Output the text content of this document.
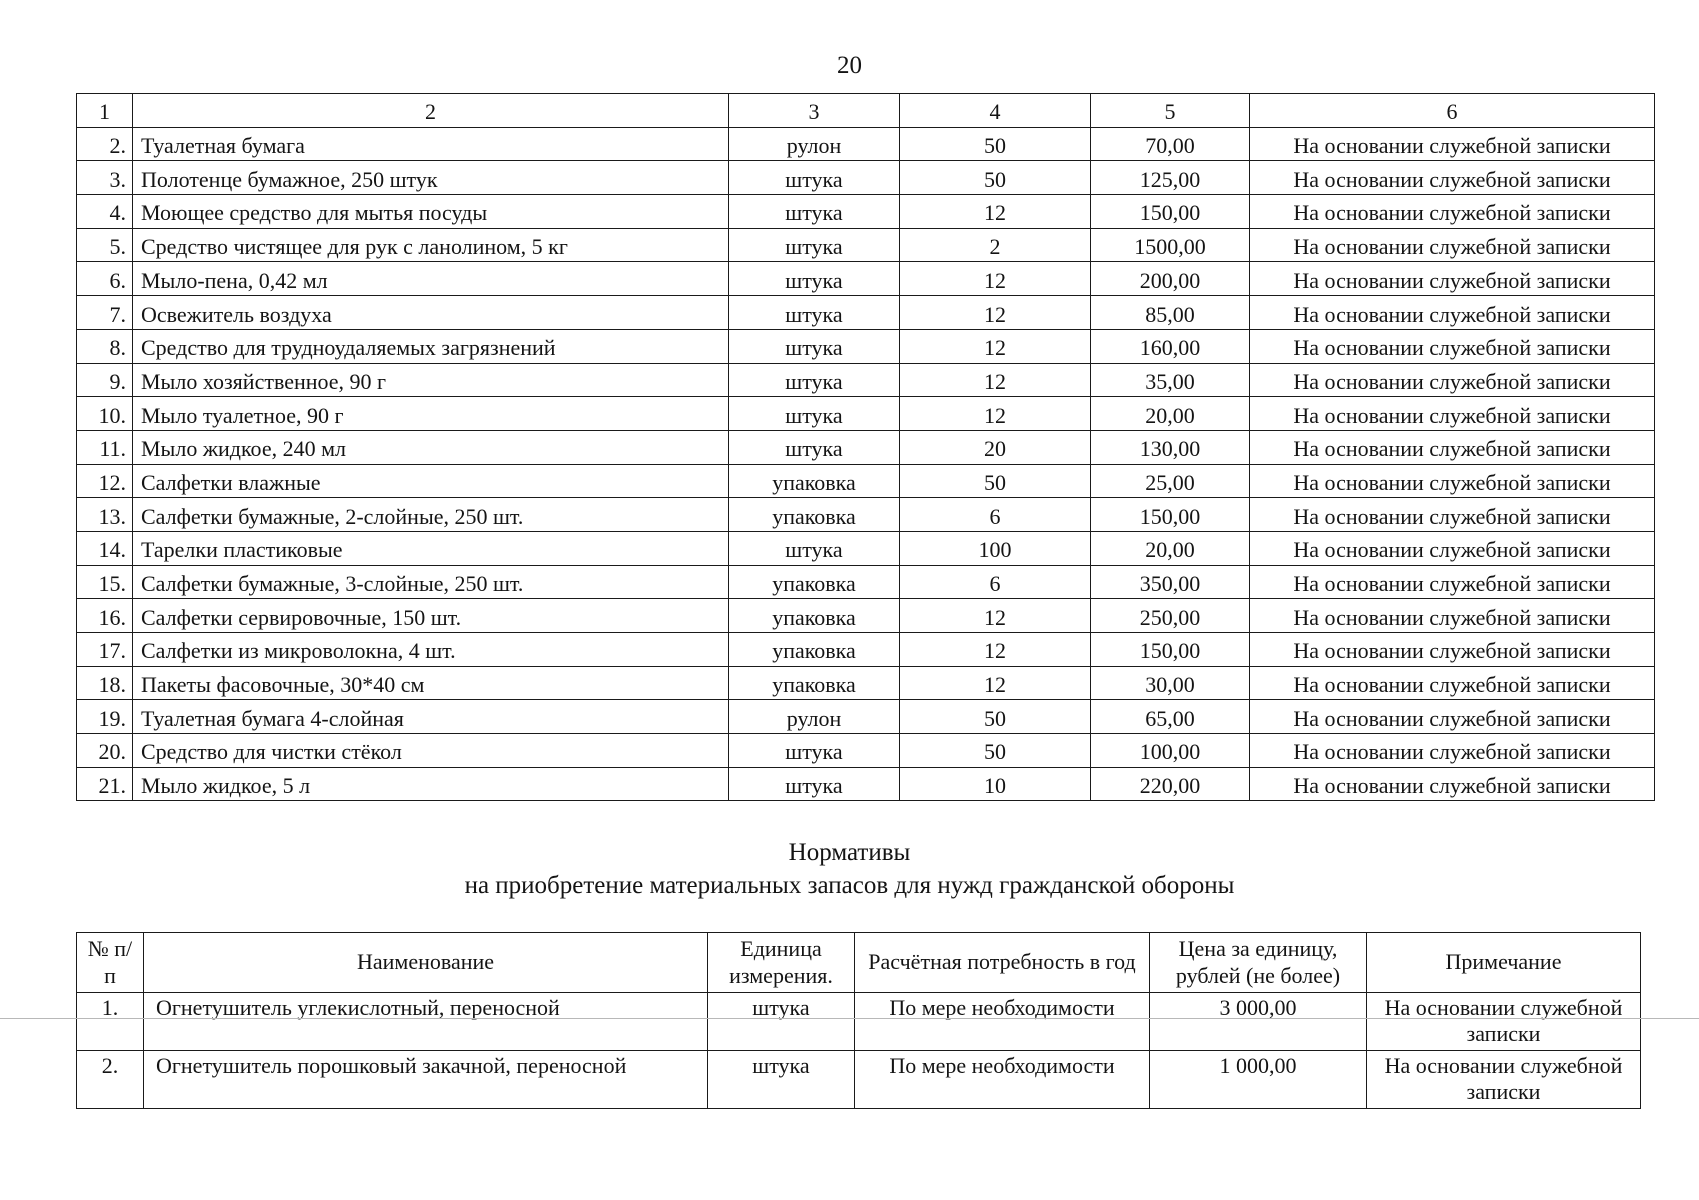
20
1	2	3	4	5	6
2.	Туалетная бумага	рулон	50	70,00	На основании служебной записки
3.	Полотенце бумажное, 250 штук	штука	50	125,00	На основании служебной записки
4.	Моющее средство для мытья посуды	штука	12	150,00	На основании служебной записки
5.	Средство чистящее для рук с ланолином, 5 кг	штука	2	1500,00	На основании служебной записки
6.	Мыло-пена, 0,42 мл	штука	12	200,00	На основании служебной записки
7.	Освежитель воздуха	штука	12	85,00	На основании служебной записки
8.	Средство для трудноудаляемых загрязнений	штука	12	160,00	На основании служебной записки
9.	Мыло хозяйственное, 90 г	штука	12	35,00	На основании служебной записки
10.	Мыло туалетное, 90 г	штука	12	20,00	На основании служебной записки
11.	Мыло жидкое, 240 мл	штука	20	130,00	На основании служебной записки
12.	Салфетки влажные	упаковка	50	25,00	На основании служебной записки
13.	Салфетки бумажные, 2-слойные, 250 шт.	упаковка	6	150,00	На основании служебной записки
14.	Тарелки пластиковые	штука	100	20,00	На основании служебной записки
15.	Салфетки бумажные, 3-слойные, 250 шт.	упаковка	6	350,00	На основании служебной записки
16.	Салфетки сервировочные, 150 шт.	упаковка	12	250,00	На основании служебной записки
17.	Салфетки из микроволокна, 4 шт.	упаковка	12	150,00	На основании служебной записки
18.	Пакеты фасовочные, 30*40 см	упаковка	12	30,00	На основании служебной записки
19.	Туалетная бумага 4-слойная	рулон	50	65,00	На основании служебной записки
20.	Средство для чистки стёкол	штука	50	100,00	На основании служебной записки
21.	Мыло жидкое, 5 л	штука	10	220,00	На основании служебной записки
Нормативы
на приобретение материальных запасов для нужд гражданской обороны
№ п/п	Наименование	Единица измерения.	Расчётная потребность в год	Цена за единицу, рублей (не более)	Примечание
1.	Огнетушитель углекислотный, переносной	штука	По мере необходимости	3 000,00	На основании служебной записки
2.	Огнетушитель порошковый закачной, переносной	штука	По мере необходимости	1 000,00	На основании служебной записки
